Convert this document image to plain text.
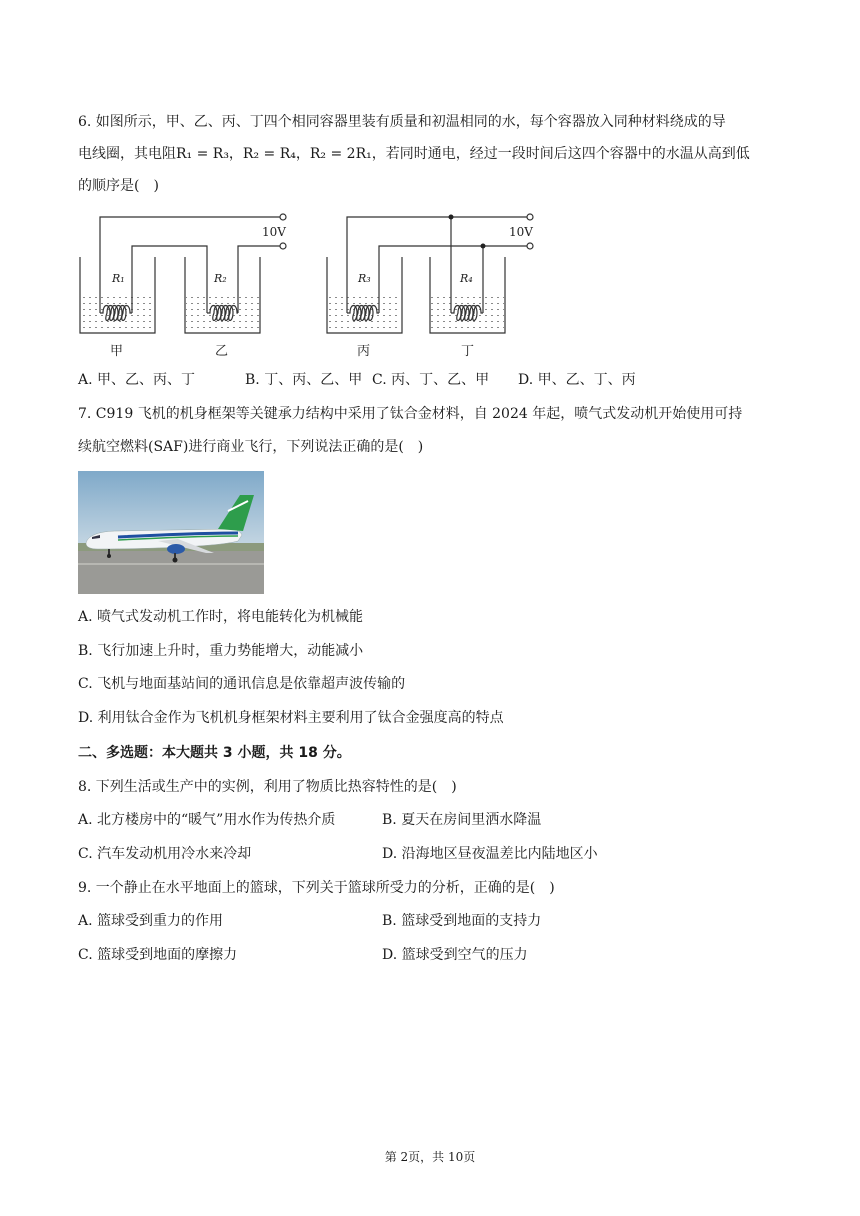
6. 如图所示，甲、乙、丙、丁四个相同容器里装有质量和初温相同的水，每个容器放入同种材料绕成的导
电线圈，其电阻R₁ = R₃，R₂ = R₄，R₂ = 2R₁，若同时通电，经过一段时间后这四个容器中的水温从高到低
的顺序是( )
10V
R₁	R₂
甲	乙
10V
R₃	R₄
丙	丁
A. 甲、乙、丙、丁	B. 丁、丙、乙、甲 C. 丙、丁、乙、甲 D. 甲、乙、丁、丙
7. C919 飞机的机身框架等关键承力结构中采用了钛合金材料，自 2024 年起，喷气式发动机开始使用可持
续航空燃料(SAF)进行商业飞行，下列说法正确的是( )
A. 喷气式发动机工作时，将电能转化为机械能
B. 飞行加速上升时，重力势能增大，动能减小
C. 飞机与地面基站间的通讯信息是依靠超声波传输的
D. 利用钛合金作为飞机机身框架材料主要利用了钛合金强度高的特点
二、多选题：本大题共 3 小题，共 18 分。
8. 下列生活或生产中的实例，利用了物质比热容特性的是( )
A. 北方楼房中的“暖气”用水作为传热介质	B. 夏天在房间里洒水降温
C. 汽车发动机用冷水来冷却	D. 沿海地区昼夜温差比内陆地区小
9. 一个静止在水平地面上的篮球，下列关于篮球所受力的分析，正确的是( )
A. 篮球受到重力的作用	B. 篮球受到地面的支持力
C. 篮球受到地面的摩擦力	D. 篮球受到空气的压力
第 2页，共 10页
